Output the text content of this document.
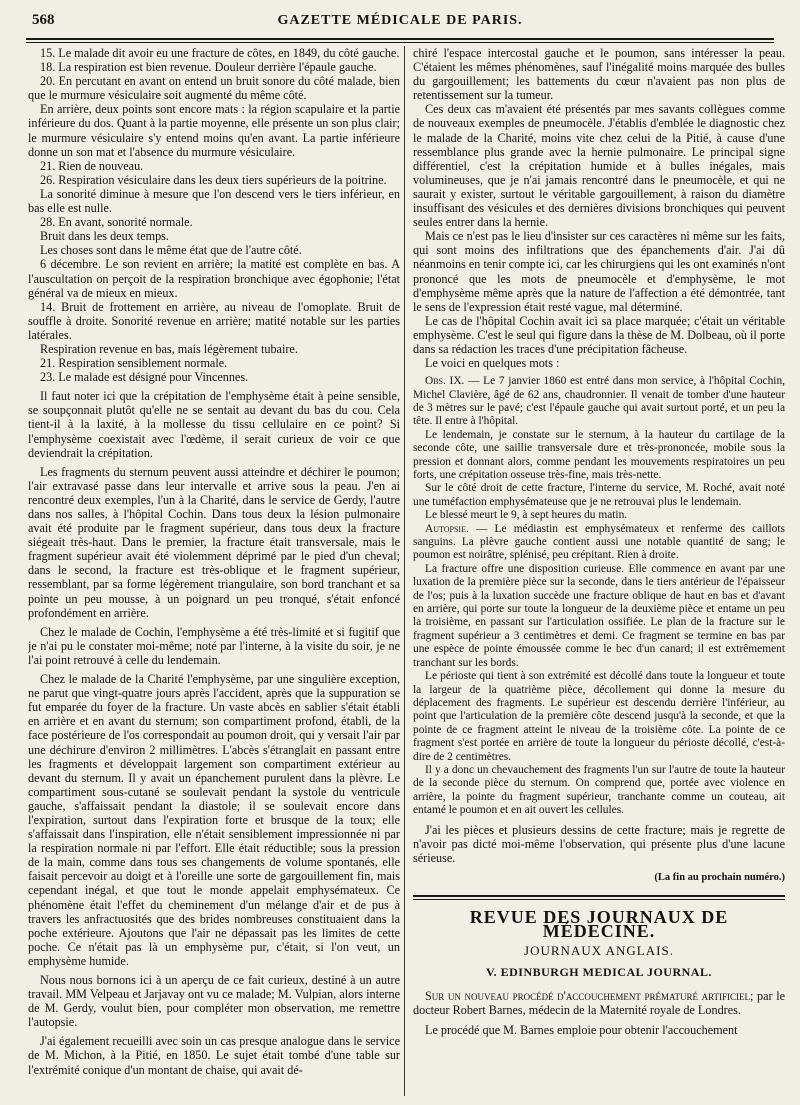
568	GAZETTE MÉDICALE DE PARIS.

15. Le malade dit avoir eu une fracture de côtes, en 1849, du côté gauche.

18. La respiration est bien revenue. Douleur derrière l'épaule gauche.

20. En percutant en avant on entend un bruit sonore du côté malade, bien que le murmure vésiculaire soit augmenté du même côté.

En arrière, deux points sont encore mats : la région scapulaire et la partie inférieure du dos. Quant à la partie moyenne, elle présente un son plus clair; le murmure vésiculaire s'y entend moins qu'en avant. La partie inférieure donne un son mat et l'absence du murmure vésiculaire.

21. Rien de nouveau.

26. Respiration vésiculaire dans les deux tiers supérieurs de la poitrine.

La sonorité diminue à mesure que l'on descend vers le tiers inférieur, en bas elle est nulle.

28. En avant, sonorité normale.

Bruit dans les deux temps.

Les choses sont dans le même état que de l'autre côté.

6 décembre. Le son revient en arrière; la matité est complète en bas. A l'auscultation on perçoit de la respiration bronchique avec égophonie; l'état général va de mieux en mieux.

14. Bruit de frottement en arrière, au niveau de l'omoplate. Bruit de souffle à droite. Sonorité revenue en arrière; matité notable sur les parties latérales.

Respiration revenue en bas, mais légèrement tubaire.

21. Respiration sensiblement normale.

23. Le malade est désigné pour Vincennes.

Il faut noter ici que la crépitation de l'emphysème était à peine sensible, se soupçonnait plutôt qu'elle ne se sentait au devant du bas du cou. Cela tient-il à la laxité, à la mollesse du tissu cellulaire en ce point? Si l'emphysème coexistait avec l'œdème, il serait curieux de voir ce que deviendrait la crépitation.

Les fragments du sternum peuvent aussi atteindre et déchirer le poumon; l'air extravasé passe dans leur intervalle et arrive sous la peau. J'en ai rencontré deux exemples, l'un à la Charité, dans le service de Gerdy, l'autre dans nos salles, à l'hôpital Cochin. Dans tous deux la lésion pulmonaire avait été produite par le fragment supérieur, dans tous deux la fracture siégeait très-haut. Dans le premier, la fracture était transversale, mais le fragment supérieur avait été violemment déprimé par le pied d'un cheval; dans le second, la fracture est très-oblique et le fragment supérieur, ressemblant, par sa forme légèrement triangulaire, son bord tranchant et sa pointe un peu mousse, à un poignard un peu tronqué, s'était enfoncé profondément en arrière.

Chez le malade de Cochin, l'emphysème a été très-limité et si fugitif que je n'ai pu le constater moi-même; noté par l'interne, à la visite du soir, je ne l'ai point retrouvé à celle du lendemain.

Chez le malade de la Charité l'emphysème, par une singulière exception, ne parut que vingt-quatre jours après l'accident, après que la suppuration se fut emparée du foyer de la fracture. Un vaste abcès en sablier s'était établi en arrière et en avant du sternum; son compartiment profond, établi, de la face postérieure de l'os correspondait au poumon droit, qui y versait l'air par une déchirure d'environ 2 millimètres. L'abcès s'étranglait en passant entre les fragments et développait largement son compartiment extérieur au devant du sternum. Il y avait un épanchement purulent dans la plèvre. Le compartiment sous-cutané se soulevait pendant la systole du ventricule gauche, s'affaissait pendant la diastole; il se soulevait encore dans l'expiration, surtout dans l'expiration forte et brusque de la toux; elle s'affaissait dans l'inspiration, elle n'était sensiblement impressionnée ni par la respiration normale ni par l'effort. Elle était réductible; sous la pression de la main, comme dans tous ses changements de volume spontanés, elle faisait percevoir au doigt et à l'oreille une sorte de gargouillement fin, mais cependant inégal, et que tout le monde appelait emphysémateux. Ce phénomène était l'effet du cheminement d'un mélange d'air et de pus à travers les anfractuosités que des brides nombreuses constituaient dans la poche extérieure. Ajoutons que l'air ne dépassait pas les limites de cette poche. Ce n'était pas là un emphysème pur, c'était, si l'on veut, un emphysème humide.

Nous nous bornons ici à un aperçu de ce fait curieux, destiné à un autre travail. MM Velpeau et Jarjavay ont vu ce malade; M. Vulpian, alors interne de M. Gerdy, voulut bien, pour compléter mon observation, me remettre l'autopsie.

J'ai également recueilli avec soin un cas presque analogue dans le service de M. Michon, à la Pitié, en 1850. Le sujet était tombé d'une table sur l'extrémité conique d'un montant de chaise, qui avait dé-

chiré l'espace intercostal gauche et le poumon, sans intéresser la peau. C'étaient les mêmes phénomènes, sauf l'inégalité moins marquée des bulles du gargouillement; les battements du cœur n'avaient pas non plus de retentissement sur la tumeur.

Ces deux cas m'avaient été présentés par mes savants collègues comme de nouveaux exemples de pneumocèle. J'établis d'emblée le diagnostic chez le malade de la Charité, moins vite chez celui de la Pitié, à cause d'une ressemblance plus grande avec la hernie pulmonaire. Le principal signe différentiel, c'est la crépitation humide et à bulles inégales, mais volumineuses, que je n'ai jamais rencontré dans le pneumocèle, et qui ne saurait y exister, surtout le véritable gargouillement, à raison du diamètre insuffisant des vésicules et des dernières divisions bronchiques qui peuvent seules entrer dans la hernie.

Mais ce n'est pas le lieu d'insister sur ces caractères ni même sur les faits, qui sont moins des infiltrations que des épanchements d'air. J'ai dû néanmoins en tenir compte ici, car les chirurgiens qui les ont examinés n'ont prononcé que les mots de pneumocèle et d'emphysème, le mot d'emphysème même après que la nature de l'affection a été démontrée, tant le sens de l'expression était resté vague, mal déterminé.

Le cas de l'hôpital Cochin avait ici sa place marquée; c'était un véritable emphysème. C'est le seul qui figure dans la thèse de M. Dolbeau, où il porte dans sa rédaction les traces d'une précipitation fâcheuse.

Le voici en quelques mots :

Obs. IX. — Le 7 janvier 1860 est entré dans mon service, à l'hôpital Cochin, Michel Clavière, âgé de 62 ans, chaudronnier. Il venait de tomber d'une hauteur de 3 mètres sur le pavé; c'est l'épaule gauche qui avait surtout porté, et un peu la tête. Il entre à l'hôpital.

Le lendemain, je constate sur le sternum, à la hauteur du cartilage de la seconde côte, une saillie transversale dure et très-prononcée, mobile sous la pression et donnant alors, comme pendant les mouvements respiratoires un peu forts, une crépitation osseuse très-fine, mais très-nette.

Sur le côté droit de cette fracture, l'interne du service, M. Roché, avait noté une tuméfaction emphysémateuse que je ne retrouvai plus le lendemain.

Le blessé meurt le 9, à sept heures du matin.

Autopsie. — Le médiastin est emphysémateux et renferme des caillots sanguins. La plèvre gauche contient aussi une notable quantité de sang; le poumon est noirâtre, splénisé, peu crépitant. Rien à droite.

La fracture offre une disposition curieuse. Elle commence en avant par une luxation de la première pièce sur la seconde, dans le tiers antérieur de l'épaisseur de l'os; puis à la luxation succède une fracture oblique de haut en bas et d'avant en arrière, qui porte sur toute la longueur de la deuxième pièce et entame un peu la troisième, en passant sur l'articulation ossifiée. Le plan de la fracture sur le fragment supérieur a 3 centimètres et demi. Ce fragment se termine en bas par une espèce de pointe émoussée comme le bec d'un canard; il est extrêmement tranchant sur les bords.

Le périoste qui tient à son extrémité est décollé dans toute la longueur et toute la largeur de la quatrième pièce, décollement qui donne la mesure du déplacement des fragments. Le supérieur est descendu derrière l'inférieur, au point que l'articulation de la première côte descend jusqu'à la seconde, et que la pointe de ce fragment atteint le niveau de la troisième côte. La pointe de ce fragment s'est portée en arrière de toute la longueur du périoste décollé, c'est-à-dire de 2 centimètres.

Il y a donc un chevauchement des fragments l'un sur l'autre de toute la hauteur de la seconde pièce du sternum. On comprend que, portée avec violence en arrière, la pointe du fragment supérieur, tranchante comme un couteau, ait entamé le poumon et en ait ouvert les cellules.

J'ai les pièces et plusieurs dessins de cette fracture; mais je regrette de n'avoir pas dicté moi-même l'observation, qui présente plus d'une lacune sérieuse.

(La fin au prochain numéro.)

REVUE DES JOURNAUX DE MÉDECINE.

JOURNAUX ANGLAIS.

V. EDINBURGH MEDICAL JOURNAL.

Sur un nouveau procédé d'accouchement prématuré artificiel; par le docteur Robert Barnes, médecin de la Maternité royale de Londres.

Le procédé que M. Barnes emploie pour obtenir l'accouchement
